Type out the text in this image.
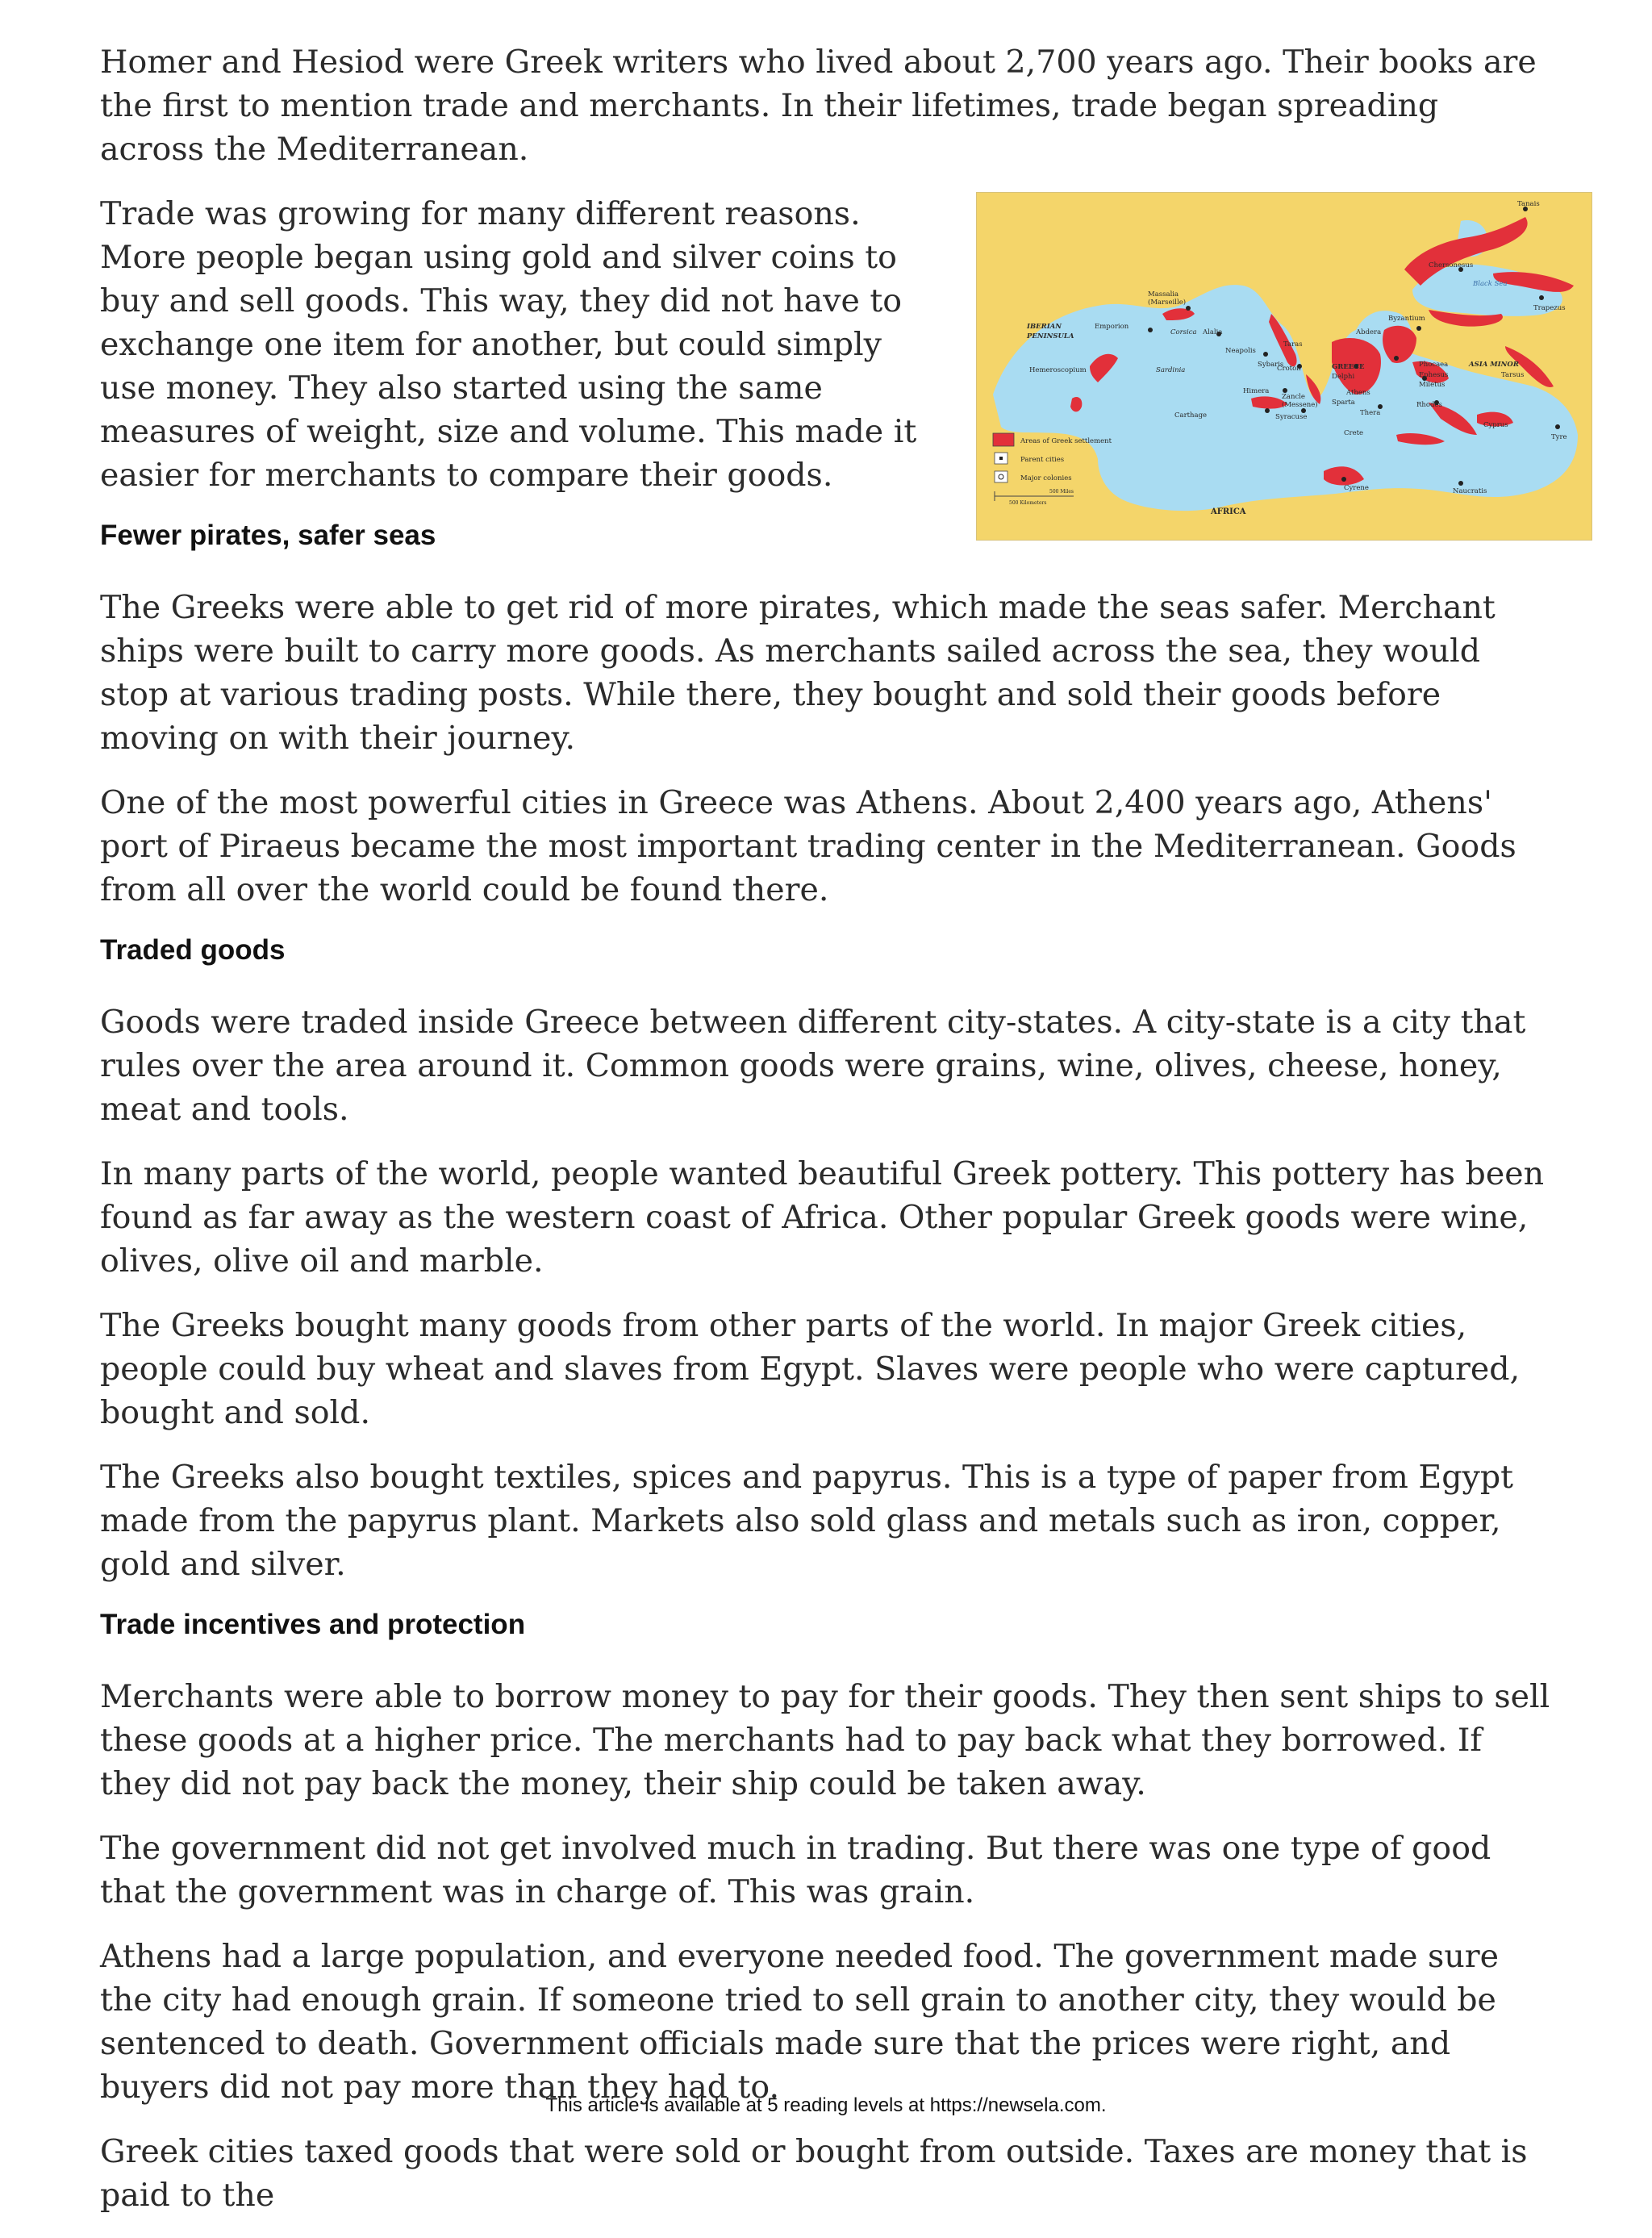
Homer and Hesiod were Greek writers who lived about 2,700 years ago. Their books are the first to mention trade and merchants. In their lifetimes, trade began spreading across the Mediterranean.

IBERIAN
PENINSULA
Emporion
Massalia
(Marseille)
Corsica Alalia
Hemeroscopium	Sardinia
Carthage
Neapolis
Sybaris
Croton
Taras
Himera
Zancle
(Messene)
Syracuse
GREECE
Delphi
Athens
Sparta
Thera
Crete
Abdera
Byzantium
Phocaea
Ephesus
Miletus
Rhodes
ASIA MINOR
Tarsus
Cyprus
Tyre
Black Sea
Chersonesus
Tanais
Trapezus
Cyrene	Naucratis
AFRICA
Areas of Greek settlement
Parent cities
Major colonies
500 Miles
500 Kilometers

Trade was growing for many different reasons. More people began using gold and silver coins to buy and sell goods. This way, they did not have to exchange one item for another, but could simply use money. They also started using the same measures of weight, size and volume. This made it easier for merchants to compare their goods.

Fewer pirates, safer seas

The Greeks were able to get rid of more pirates, which made the seas safer. Merchant ships were built to carry more goods. As merchants sailed across the sea, they would stop at various trading posts. While there, they bought and sold their goods before moving on with their journey.

One of the most powerful cities in Greece was Athens. About 2,400 years ago, Athens' port of Piraeus became the most important trading center in the Mediterranean. Goods from all over the world could be found there.

Traded goods

Goods were traded inside Greece between different city-states. A city-state is a city that rules over the area around it. Common goods were grains, wine, olives, cheese, honey, meat and tools.

In many parts of the world, people wanted beautiful Greek pottery. This pottery has been found as far away as the western coast of Africa. Other popular Greek goods were wine, olives, olive oil and marble.

The Greeks bought many goods from other parts of the world. In major Greek cities, people could buy wheat and slaves from Egypt. Slaves were people who were captured, bought and sold.

The Greeks also bought textiles, spices and papyrus. This is a type of paper from Egypt made from the papyrus plant. Markets also sold glass and metals such as iron, copper, gold and silver.

Trade incentives and protection

Merchants were able to borrow money to pay for their goods. They then sent ships to sell these goods at a higher price. The merchants had to pay back what they borrowed. If they did not pay back the money, their ship could be taken away.

The government did not get involved much in trading. But there was one type of good that the government was in charge of. This was grain.

Athens had a large population, and everyone needed food. The government made sure the city had enough grain. If someone tried to sell grain to another city, they would be sentenced to death. Government officials made sure that the prices were right, and buyers did not pay more than they had to.

Greek cities taxed goods that were sold or bought from outside. Taxes are money that is paid to the

This article is available at 5 reading levels at https://newsela.com.
